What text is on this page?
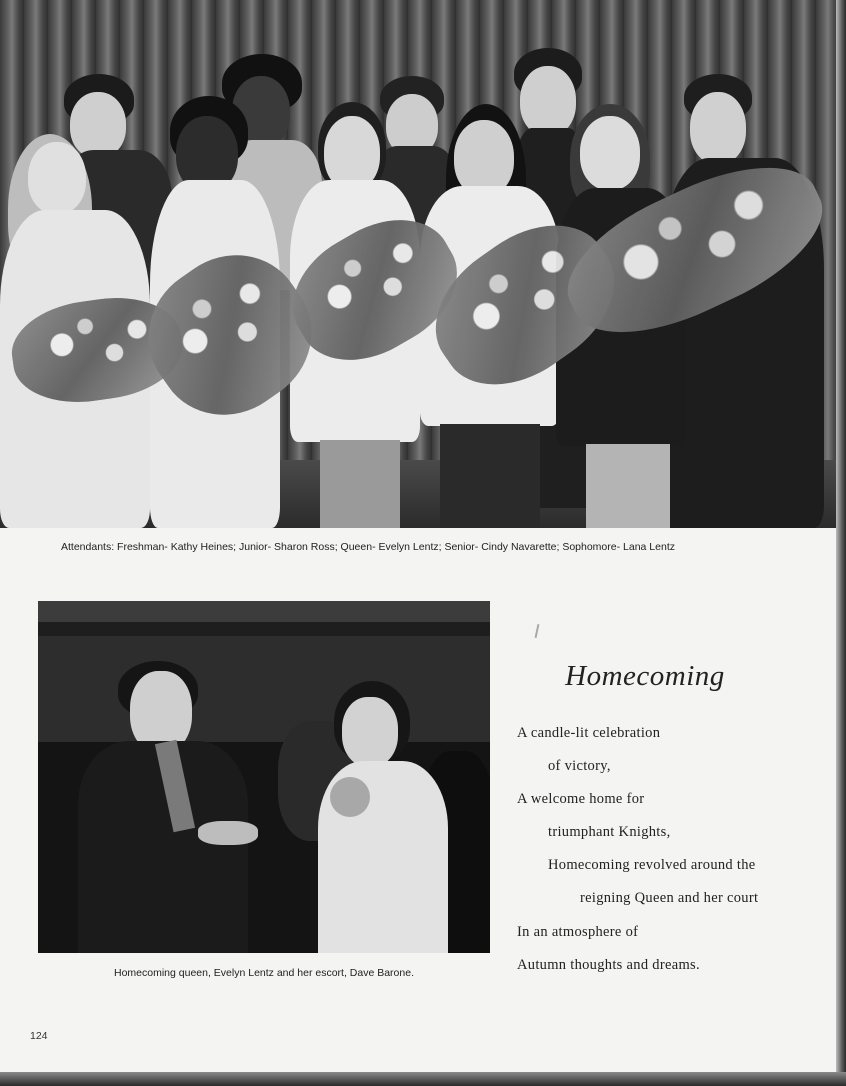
Attendants: Freshman- Kathy Heines; Junior- Sharon Ross; Queen- Evelyn Lentz; Senior- Cindy Navarette; Sophomore- Lana Lentz
Homecoming queen, Evelyn Lentz and her escort, Dave Barone.
Homecoming
A candle-lit celebration
of victory,
A welcome home for
triumphant Knights,
Homecoming revolved around the
reigning Queen and her court
In an atmosphere of
Autumn thoughts and dreams.
124
